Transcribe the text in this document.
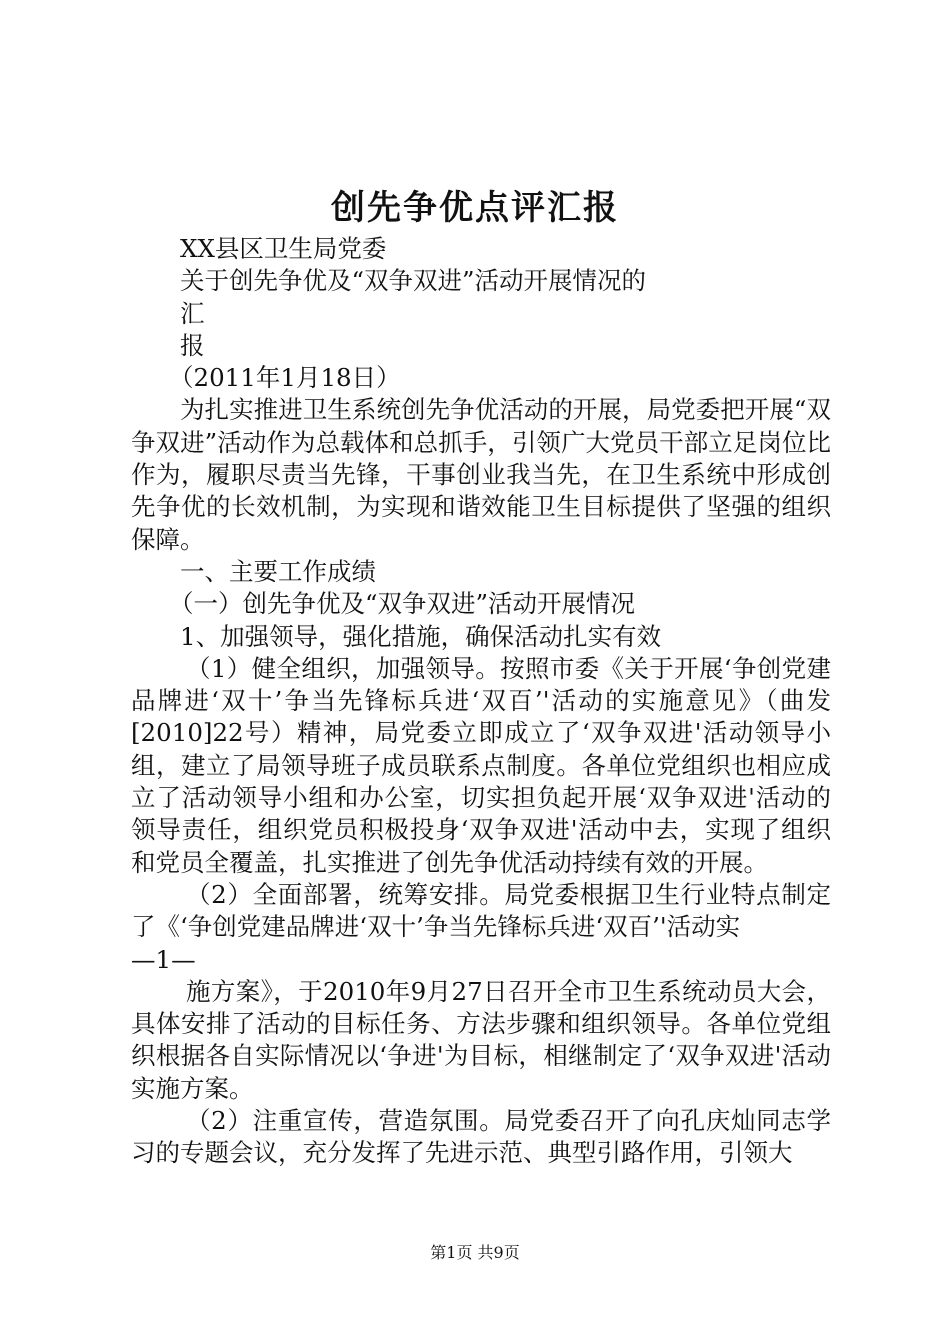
创先争优点评汇报

XX县区卫生局党委

关于创先争优及“双争双进”活动开展情况的

汇

报

（2011年1月18日）

为扎实推进卫生系统创先争优活动的开展，局党委把开展“双争双进”活动作为总载体和总抓手，引领广大党员干部立足岗位比作为，履职尽责当先锋，干事创业我当先，在卫生系统中形成创先争优的长效机制，为实现和谐效能卫生目标提供了坚强的组织保障。

一、主要工作成绩

（一）创先争优及“双争双进”活动开展情况

1、加强领导，强化措施，确保活动扎实有效

（1）健全组织，加强领导。按照市委《关于开展‘争创党建品牌进‘双十’争当先锋标兵进‘双百’'活动的实施意见》（曲发[2010]22号）精神，局党委立即成立了‘双争双进'活动领导小组，建立了局领导班子成员联系点制度。各单位党组织也相应成立了活动领导小组和办公室，切实担负起开展‘双争双进'活动的领导责任，组织党员积极投身‘双争双进'活动中去，实现了组织和党员全覆盖，扎实推进了创先争优活动持续有效的开展。

（2）全面部署，统筹安排。局党委根据卫生行业特点制定了《‘争创党建品牌进‘双十’争当先锋标兵进‘双百’'活动实

—1—

施方案》，于2010年9月27日召开全市卫生系统动员大会，具体安排了活动的目标任务、方法步骤和组织领导。各单位党组织根据各自实际情况以‘争进'为目标，相继制定了‘双争双进'活动实施方案。

（2）注重宣传，营造氛围。局党委召开了向孔庆灿同志学习的专题会议，充分发挥了先进示范、典型引路作用，引领大

第1页 共9页
